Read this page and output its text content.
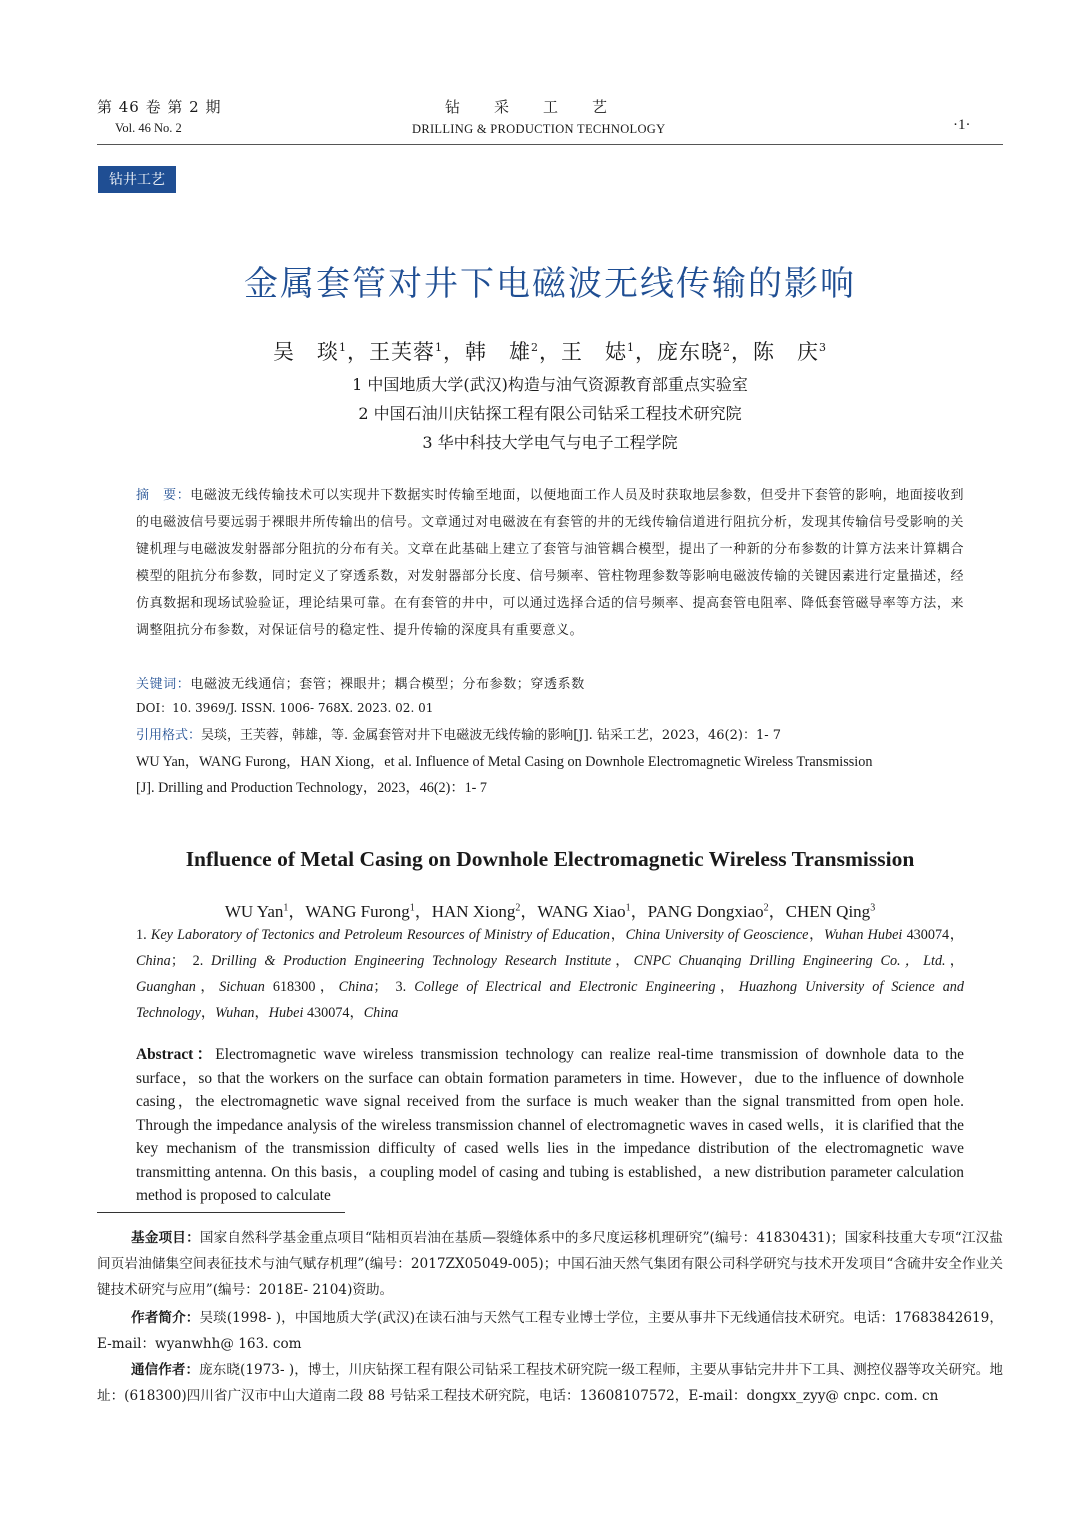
第 46 卷 第 2 期
Vol. 46 No. 2
钻采工艺
DRILLING & PRODUCTION TECHNOLOGY	·1·
钻井工艺
金属套管对井下电磁波无线传输的影响
吴　琰$^1$，王芙蓉$^1$，韩　雄$^2$，王　娡$^1$，庞东晓$^2$，陈　庆$^3$
1 中国地质大学(武汉)构造与油气资源教育部重点实验室
2 中国石油川庆钻探工程有限公司钻采工程技术研究院
3 华中科技大学电气与电子工程学院
摘　要：电磁波无线传输技术可以实现井下数据实时传输至地面，以便地面工作人员及时获取地层参数，但受井下套管的影响，地面接收到的电磁波信号要远弱于裸眼井所传输出的信号。文章通过对电磁波在有套管的井的无线传输信道进行阻抗分析，发现其传输信号受影响的关键机理与电磁波发射器部分阻抗的分布有关。文章在此基础上建立了套管与油管耦合模型，提出了一种新的分布参数的计算方法来计算耦合模型的阻抗分布参数，同时定义了穿透系数，对发射器部分长度、信号频率、管柱物理参数等影响电磁波传输的关键因素进行定量描述，经仿真数据和现场试验验证，理论结果可靠。在有套管的井中，可以通过选择合适的信号频率、提高套管电阻率、降低套管磁导率等方法，来调整阻抗分布参数，对保证信号的稳定性、提升传输的深度具有重要意义。
关键词：电磁波无线通信；套管；裸眼井；耦合模型；分布参数；穿透系数
DOI：10. 3969/J. ISSN. 1006- 768X. 2023. 02. 01
引用格式：吴琰，王芙蓉，韩雄，等. 金属套管对井下电磁波无线传输的影响[J]. 钻采工艺，2023，46(2)：1- 7
WU Yan，WANG Furong，HAN Xiong，et al. Influence of Metal Casing on Downhole Electromagnetic Wireless Transmission
[J]. Drilling and Production Technology，2023，46(2)：1- 7
Influence of Metal Casing on Downhole Electromagnetic Wireless Transmission
WU Yan$^1$，WANG Furong$^1$，HAN Xiong$^2$，WANG Xiao$^1$，PANG Dongxiao$^2$，CHEN Qing$^3$
1. Key Laboratory of Tectonics and Petroleum Resources of Ministry of Education，China University of Geoscience，Wuhan Hubei 430074，China； 2. Drilling & Production Engineering Technology Research Institute，CNPC Chuanqing Drilling Engineering Co.，Ltd.，Guanghan，Sichuan 618300，China； 3. College of Electrical and Electronic Engineering，Huazhong University of Science and Technology，Wuhan，Hubei 430074，China
Abstract：Electromagnetic wave wireless transmission technology can realize real-time transmission of downhole data to the surface，so that the workers on the surface can obtain formation parameters in time. However，due to the influence of downhole casing，the electromagnetic wave signal received from the surface is much weaker than the signal transmitted from open hole. Through the impedance analysis of the wireless transmission channel of electromagnetic waves in cased wells，it is clarified that the key mechanism of the transmission difficulty of cased wells lies in the impedance distribution of the electromagnetic wave transmitting antenna. On this basis，a coupling model of casing and tubing is established，a new distribution parameter calculation method is proposed to calculate
基金项目：国家自然科学基金重点项目“陆相页岩油在基质—裂缝体系中的多尺度运移机理研究”(编号：41830431)；国家科技重大专项“江汉盐间页岩油储集空间表征技术与油气赋存机理”(编号：2017ZX05049-005)；中国石油天然气集团有限公司科学研究与技术开发项目“含硫井安全作业关键技术研究与应用”(编号：2018E- 2104)资助。
作者简介：吴琰(1998- )，中国地质大学(武汉)在读石油与天然气工程专业博士学位，主要从事井下无线通信技术研究。电话：17683842619，E-mail：wyanwhh@ 163. com
通信作者：庞东晓(1973- )，博士，川庆钻探工程有限公司钻采工程技术研究院一级工程师，主要从事钻完井井下工具、测控仪器等攻关研究。地址：(618300)四川省广汉市中山大道南二段 88 号钻采工程技术研究院，电话：13608107572，E-mail：dongxx_zyy@ cnpc. com. cn
